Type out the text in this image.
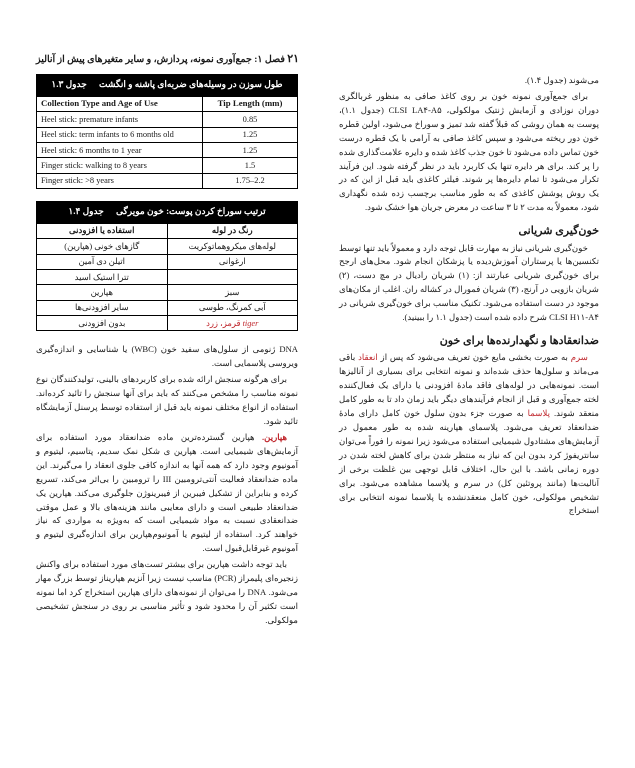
۲۱ فصل ۱: جمع‌آوری نمونه، پردازش، و سایر متغیرهای پیش از آنالیز
طول سوزن در وسیله‌های ضربه‌ای پاشنه و انگشت جدول ۱.۳
Collection Type and Age of Use	Tip Length (mm)
Heel stick: premature infants	0.85
Heel stick: term infants to 6 months old	1.25
Heel stick: 6 months to 1 year	1.25
Finger stick: walking to 8 years	1.5
Finger stick: >8 years	1.75–2.2
ترتیب سوراخ کردن پوست: خون مویرگی جدول ۱.۴
رنگ در لوله	استفاده یا افزودنی
لوله‌های میکروهماتوکریت	گازهای خونی (هپارین)
ارغوانی	اتیلن دی آمین
	تترا استیک اسید
سبز	هپارین
آبی کمرنگ، طوسی	سایر افزودنی‌ها
tiger قرمز، زرد	بدون افزودنی

DNA ژنومی از سلول‌های سفید خون (WBC) یا شناسایی و اندازه‌گیری ویروسی پلاسمایی است.

برای هرگونه سنجش ارائه شده برای کاربردهای بالینی، تولیدکنندگان نوع نمونه مناسب را مشخص می‌کنند که باید برای آنها سنجش را تائید کرده‌اند. استفاده از انواع مختلف نمونه باید قبل از استفاده توسط پرسنل آزمایشگاه تائید شود.

هپارین. هپارین گسترده‌ترین ماده ضدانعقاد مورد استفاده برای آزمایش‌های شیمیایی است. هپارین ی شکل نمک سدیم، پتاسیم، لیتیوم و آمونیوم وجود دارد که همه آنها به اندازه کافی جلوی انعقاد را می‌گیرند. این ماده ضدانعقاد فعالیت آنتی‌ترومبین III را ترومبین را بی‌اثر می‌کند، تسریع کرده و بنابراین از تشکیل فیبرین از فیبرینوژن جلوگیری می‌کند. هپارین یک ضدانعقاد طبیعی است و دارای معایبی مانند هزینه‌های بالا و عمل موقتی ضدانعقادی نسبت به مواد شیمیایی است که به‌ویژه به مواردی که نیاز خواهند کرد. استفاده از لیتیوم یا آمونیوم‌هپارین برای اندازه‌گیری لیتیوم و آمونیوم غیرقابل‌قبول است.

باید توجه داشت هپارین برای بیشتر تست‌های مورد استفاده برای واکنش زنجیره‌ای پلیمراز (PCR) مناسب نیست زیرا آنزیم هپاریناز توسط بزرگ مهار می‌شود. DNA را می‌توان از نمونه‌های دارای هپارین استخراج کرد اما نمونه است تکثیر آن را محدود شود و تأثیر مناسبی بر روی در سنجش تشخیصی مولکولی.

می‌شوند (جدول ۱.۴).

برای جمع‌آوری نمونه خون بر روی کاغذ صافی به منظور غربالگری دوران نوزادی و آزمایش ژنتیک مولکولی، CLSI LA۴-A۵ (جدول ۱.۱)، پوست به همان روشی که قبلاً گفته شد تمیز و سوراخ می‌شود، اولین قطره خون دور ریخته می‌شود و سپس کاغذ صافی به آرامی با یک قطره درست خون تماس داده می‌شود تا خون جذب کاغذ شده و دایره علامت‌گذاری شده را پر کند. برای هر دایره تنها یک کاربرد باید در نظر گرفته شود. این فرآیند تکرار می‌شود تا تمام دایره‌ها پر شوند. فیلتر کاغذی باید قبل از این که در یک روش پوشش کاغذی که به طور مناسب برچسب زده شده نگهداری شود، معمولاً به مدت ۲ تا ۳ ساعت در معرض جریان هوا خشک شود.

خون‌گیری شریانی

خون‌گیری شریانی نیاز به مهارت قابل توجه دارد و معمولاً باید تنها توسط تکنسین‌ها یا پرستاران آموزش‌دیده یا پزشکان انجام شود. محل‌های ارجح برای خون‌گیری شریانی عبارتند از: (۱) شریان رادیال در مچ دست، (۲) شریان بازویی در آرنج، (۳) شریان فمورال در کشاله ران. اغلب از مکان‌های موجود در دست استفاده می‌شود. تکنیک مناسب برای خون‌گیری شریانی در CLSI H۱۱-A۴ شرح داده شده است (جدول ۱.۱ را ببینید).

ضدانعقادها و نگهدارنده‌ها برای خون

سرم به صورت بخشی مایع خون تعریف می‌شود که پس از انعقاد باقی می‌ماند و سلول‌ها حذف شده‌اند و نمونه انتخابی برای بسیاری از آنالیزها است. نمونه‌هایی در لوله‌های فاقد مادۀ افزودنی یا دارای یک فعال‌کننده لخته جمع‌آوری و قبل از انجام فرآیندهای دیگر باید زمان داد تا به طور کامل منعقد شوند. پلاسما به صورت جزء بدون سلول خون کامل دارای مادۀ ضدانعقاد تعریف می‌شود. پلاسمای هپارینه شده به طور معمول در آزمایش‌های مشتادول شیمیایی استفاده می‌شود زیرا نمونه را فوراً می‌توان سانتریفوژ کرد بدون این که نیاز به منتظر شدن برای کاهش لخته شدن در دوره زمانی باشد. با این حال، اختلاف قابل توجهی بین غلظت برخی از آنالیت‌ها (مانند پروتئین کل) در سرم و پلاسما مشاهده می‌شود. برای تشخیص مولکولی، خون کامل منعقدنشده یا پلاسما نمونه انتخابی برای استخراج
